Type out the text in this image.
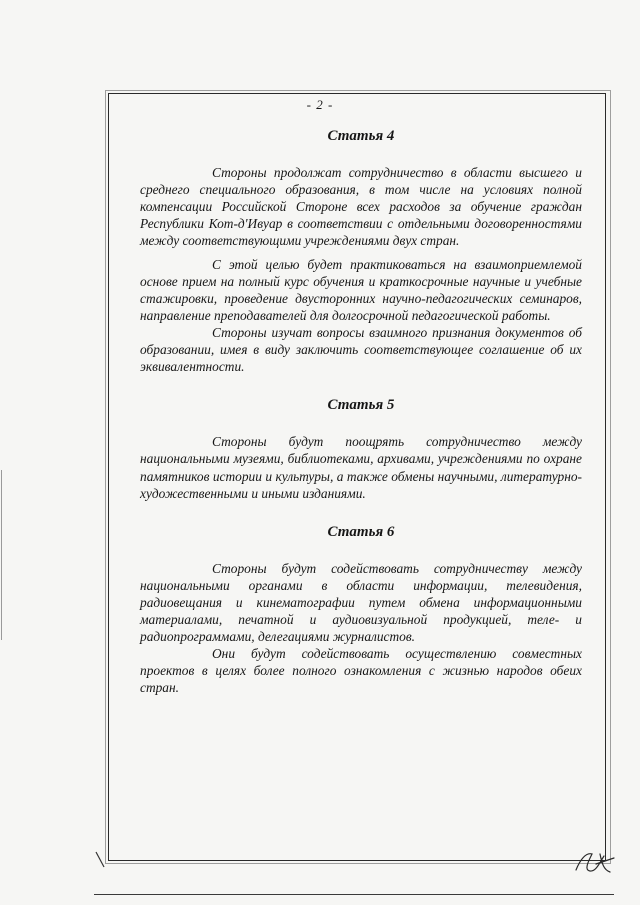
- 2 -

Статья 4

Стороны продолжат сотрудничество в области высшего и среднего специального образования, в том числе на условиях полной компенсации Российской Стороне всех расходов за обучение граждан Республики Кот-д'Ивуар в соответствии с отдельными договоренностями между соответствующими учреждениями двух стран.

С этой целью будет практиковаться на взаимоприемлемой основе прием на полный курс обучения и краткосрочные научные и учебные стажировки, проведение двусторонних научно-педагогических семинаров, направление преподавателей для долгосрочной педагогической работы.

Стороны изучат вопросы взаимного признания документов об образовании, имея в виду заключить соответствующее соглашение об их эквивалентности.

Статья 5

Стороны будут поощрять сотрудничество между национальными музеями, библиотеками, архивами, учреждениями по охране памятников истории и культуры, а также обмены научными, литературно-художественными и иными изданиями.

Статья 6

Стороны будут содействовать сотрудничеству между национальными органами в области информации, телевидения, радиовещания и кинематографии путем обмена информационными материалами, печатной и аудиовизуальной продукцией, теле- и радиопрограммами, делегациями журналистов.

Они будут содействовать осуществлению совместных проектов в целях более полного ознакомления с жизнью народов обеих стран.
